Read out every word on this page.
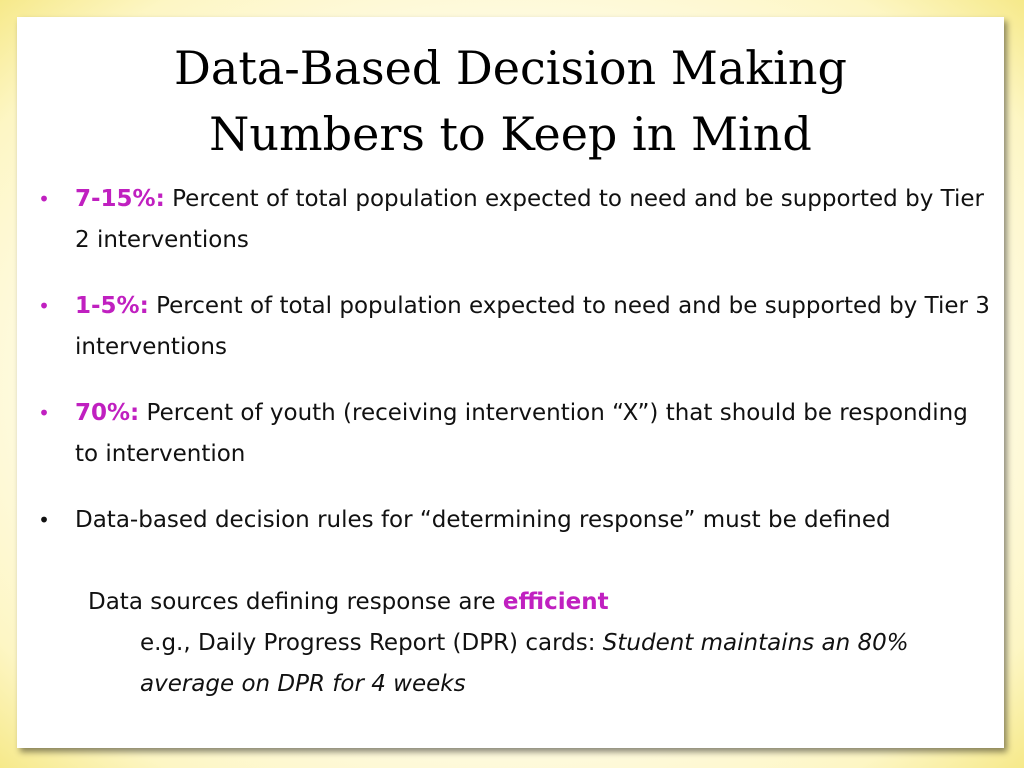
Data-Based Decision Making
Numbers to Keep in Mind
• 7-15%: Percent of total population expected to need and be supported by Tier 2 interventions
• 1-5%: Percent of total population expected to need and be supported by Tier 3 interventions
• 70%: Percent of youth (receiving intervention “X”) that should be responding to intervention
• Data-based decision rules for “determining response” must be defined
Data sources defining response are efficient
e.g., Daily Progress Report (DPR) cards: Student maintains an 80% average on DPR for 4 weeks
